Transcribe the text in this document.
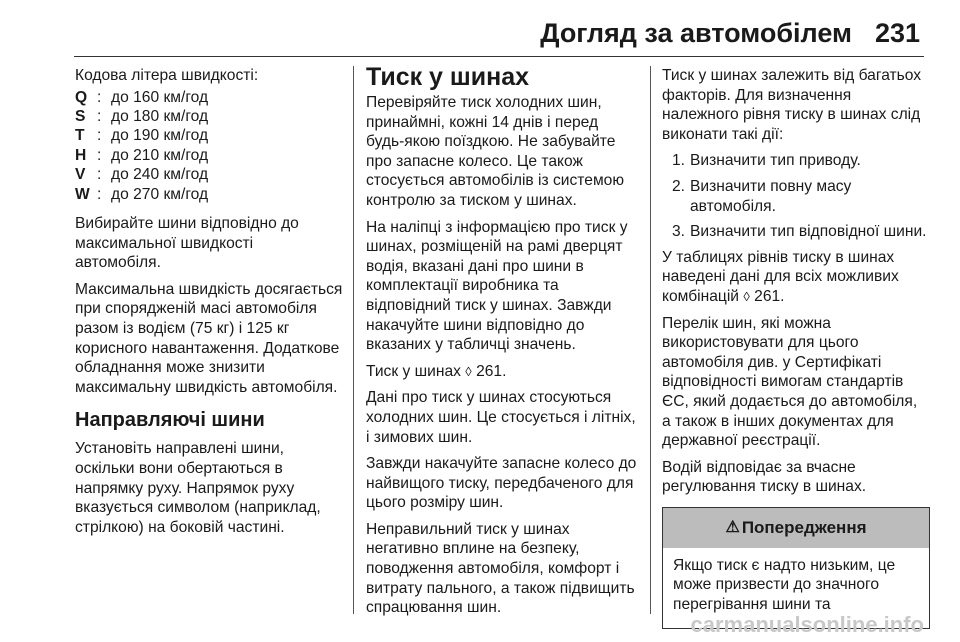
Догляд за автомобілем 231

Кодова літера швидкості:

Q : до 160 км/год
S : до 180 км/год
T : до 190 км/год
H : до 210 км/год
V : до 240 км/год
W : до 270 км/год

Вибирайте шини відповідно до максимальної швидкості автомобіля.

Максимальна швидкість досягається при спорядженій масі автомобіля разом із водієм (75 кг) і 125 кг корисного навантаження. Додаткове обладнання може знизити максимальну швидкість автомобіля.

Направляючі шини

Установіть направлені шини, оскільки вони обертаються в напрямку руху. Напрямок руху вказується символом (наприклад, стрілкою) на боковій частині.

Тиск у шинах

Перевіряйте тиск холодних шин, принаймні, кожні 14 днів і перед будь-якою поїздкою. Не забувайте про запасне колесо. Це також стосується автомобілів із системою контролю за тиском у шинах.

На наліпці з інформацією про тиск у шинах, розміщеній на рамі дверцят водія, вказані дані про шини в комплектації виробника та відповідний тиск у шинах. Завжди накачуйте шини відповідно до вказаних у табличці значень.

Тиск у шинах ◊ 261.

Дані про тиск у шинах стосуються холодних шин. Це стосується і літніх, і зимових шин.

Завжди накачуйте запасне колесо до найвищого тиску, передбаченого для цього розміру шин.

Неправильний тиск у шинах негативно вплине на безпеку, поводження автомобіля, комфорт і витрату пального, а також підвищить спрацювання шин.

Тиск у шинах залежить від багатьох факторів. Для визначення належного рівня тиску в шинах слід виконати такі дії:

1. Визначити тип приводу.
2. Визначити повну масу автомобіля.
3. Визначити тип відповідної шини.

У таблицях рівнів тиску в шинах наведені дані для всіх можливих комбінацій ◊ 261.

Перелік шин, які можна використовувати для цього автомобіля див. у Сертифікаті відповідності вимогам стандартів ЄС, який додається до автомобіля, а також в інших документах для державної реєстрації.

Водій відповідає за вчасне регулювання тиску в шинах.

⚠ Попередження
Якщо тиск є надто низьким, це може призвести до значного перегрівання шини та
carmanualsonline.info
